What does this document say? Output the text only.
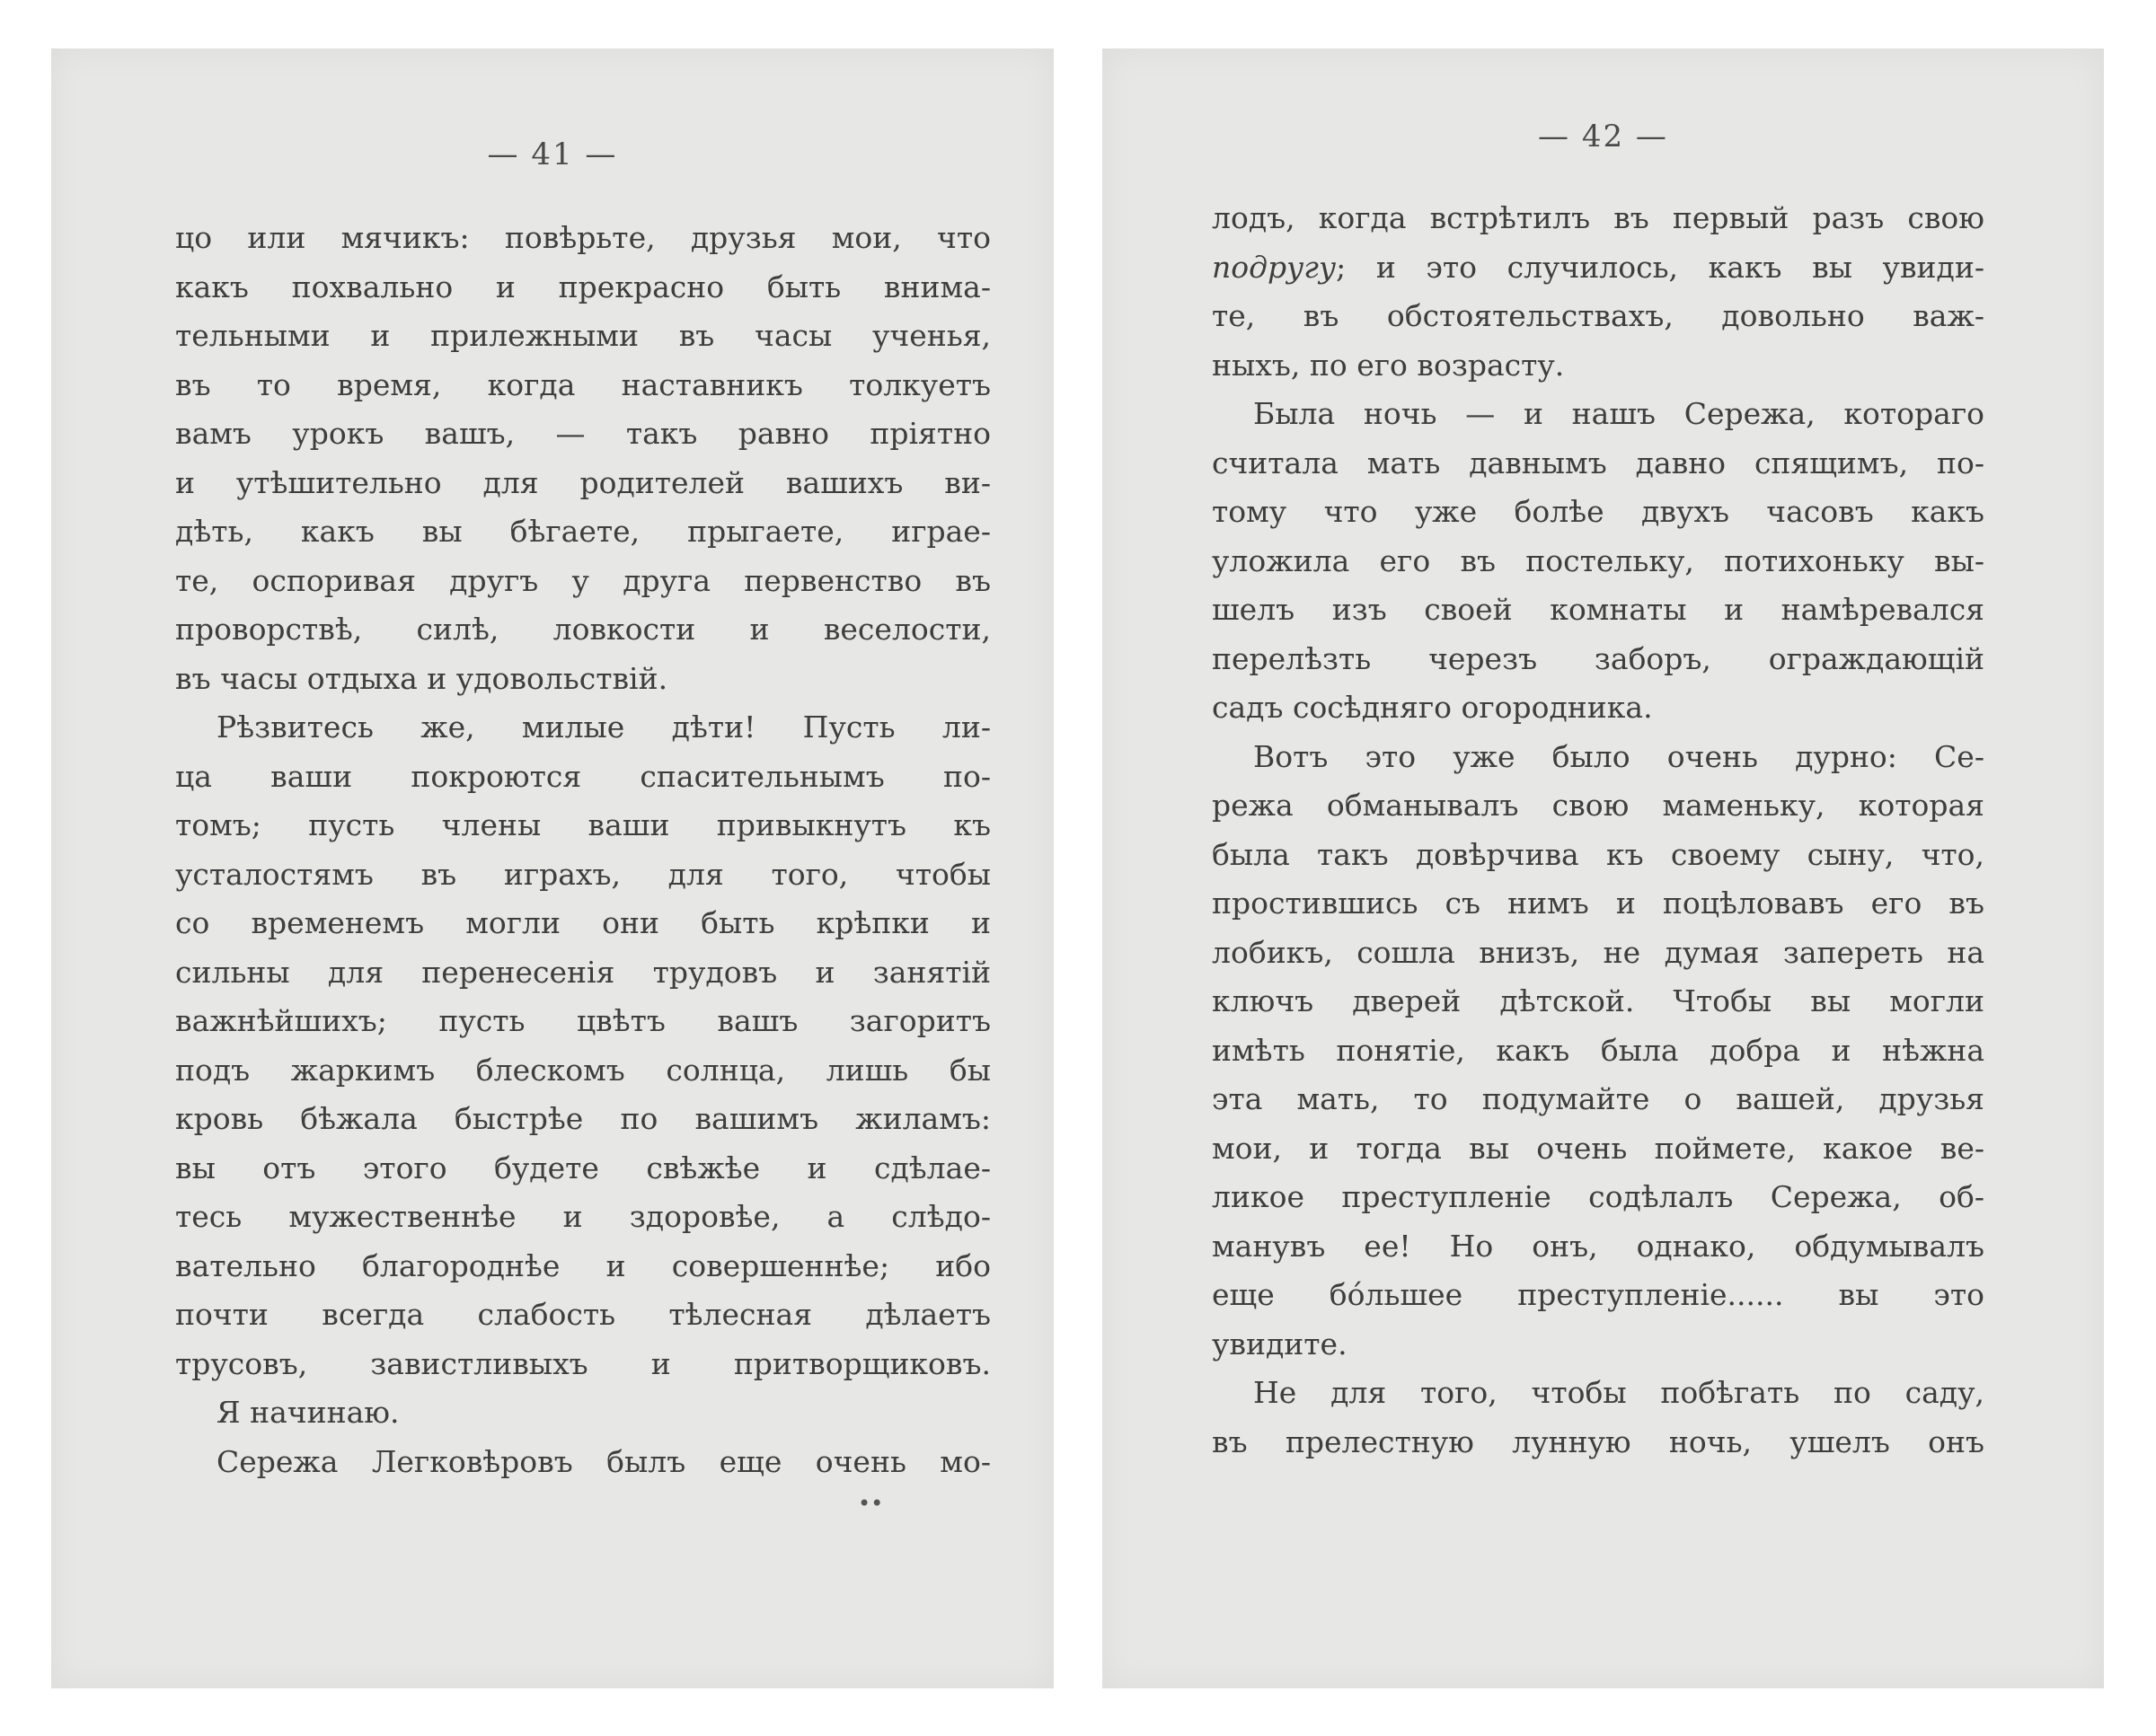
— 41 —

цо или мячикъ: повѣрьте, друзья мои, что
какъ похвально и прекрасно быть внима-
тельными и прилежными въ часы ученья,
въ то время, когда наставникъ толкуетъ
вамъ урокъ вашъ, — такъ равно пріятно
и утѣшительно для родителей вашихъ ви-
дѣть, какъ вы бѣгаете, прыгаете, играе-
те, оспоривая другъ у друга первенство въ
проворствѣ, силѣ, ловкости и веселости,
въ часы отдыха и удовольствій.
Рѣзвитесь же, милые дѣти! Пусть ли-
ца ваши покроются спасительнымъ по-
томъ; пусть члены ваши привыкнутъ къ
усталостямъ въ играхъ, для того, чтобы
со временемъ могли они быть крѣпки и
сильны для перенесенія трудовъ и занятій
важнѣйшихъ; пусть цвѣтъ вашъ загоритъ
подъ жаркимъ блескомъ солнца, лишь бы
кровь бѣжала быстрѣе по вашимъ жиламъ:
вы отъ этого будете свѣжѣе и сдѣлае-
тесь мужественнѣе и здоровѣе, а слѣдо-
вательно благороднѣе и совершеннѣе; ибо
почти всегда слабость тѣлесная дѣлаетъ
трусовъ, завистливыхъ и притворщиковъ.
Я начинаю.
Сережа Легковѣровъ былъ еще очень мо-
••

— 42 —

лодъ, когда встрѣтилъ въ первый разъ свою
подругу; и это случилось, какъ вы увиди-
те, въ обстоятельствахъ, довольно важ-
ныхъ, по его возрасту.
Была ночь — и нашъ Сережа, котораго
считала мать давнымъ давно спящимъ, по-
тому что уже болѣе двухъ часовъ какъ
уложила его въ постельку, потихоньку вы-
шелъ изъ своей комнаты и намѣревался
перелѣзть черезъ заборъ, ограждающій
садъ сосѣдняго огородника.
Вотъ это уже было очень дурно: Се-
режа обманывалъ свою маменьку, которая
была такъ довѣрчива къ своему сыну, что,
простившись съ нимъ и поцѣловавъ его въ
лобикъ, сошла внизъ, не думая запереть на
ключъ дверей дѣтской. Чтобы вы могли
имѣть понятіе, какъ была добра и нѣжна
эта мать, то подумайте о вашей, друзья
мои, и тогда вы очень поймете, какое ве-
ликое преступленіе содѣлалъ Сережа, об-
манувъ ее! Но онъ, однако, обдумывалъ
еще бóльшее преступленіе...... вы это
увидите.
Не для того, чтобы побѣгать по саду,
въ прелестную лунную ночь, ушелъ онъ
